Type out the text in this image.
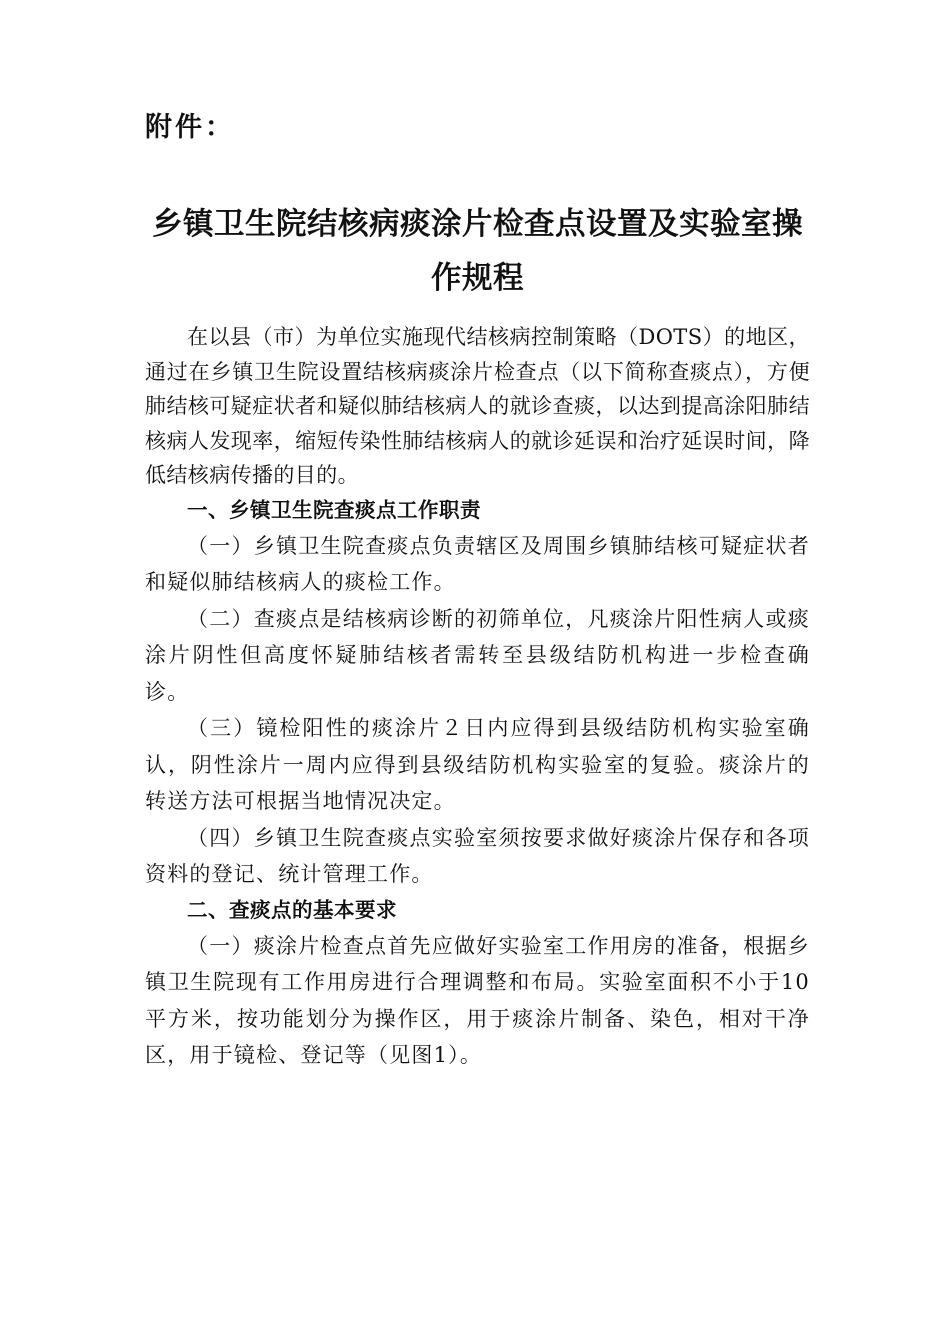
附件：
乡镇卫生院结核病痰涂片检查点设置及实验室操作规程

在以县（市）为单位实施现代结核病控制策略（DOTS）的地区，通过在乡镇卫生院设置结核病痰涂片检查点（以下简称查痰点），方便肺结核可疑症状者和疑似肺结核病人的就诊查痰，以达到提高涂阳肺结核病人发现率，缩短传染性肺结核病人的就诊延误和治疗延误时间，降低结核病传播的目的。

一、乡镇卫生院查痰点工作职责

（一）乡镇卫生院查痰点负责辖区及周围乡镇肺结核可疑症状者和疑似肺结核病人的痰检工作。

（二）查痰点是结核病诊断的初筛单位，凡痰涂片阳性病人或痰涂片阴性但高度怀疑肺结核者需转至县级结防机构进一步检查确诊。

（三）镜检阳性的痰涂片２日内应得到县级结防机构实验室确认，阴性涂片一周内应得到县级结防机构实验室的复验。痰涂片的转送方法可根据当地情况决定。

（四）乡镇卫生院查痰点实验室须按要求做好痰涂片保存和各项资料的登记、统计管理工作。

二、查痰点的基本要求

（一）痰涂片检查点首先应做好实验室工作用房的准备，根据乡镇卫生院现有工作用房进行合理调整和布局。实验室面积不小于10平方米，按功能划分为操作区，用于痰涂片制备、染色，相对干净区，用于镜检、登记等（见图1）。
